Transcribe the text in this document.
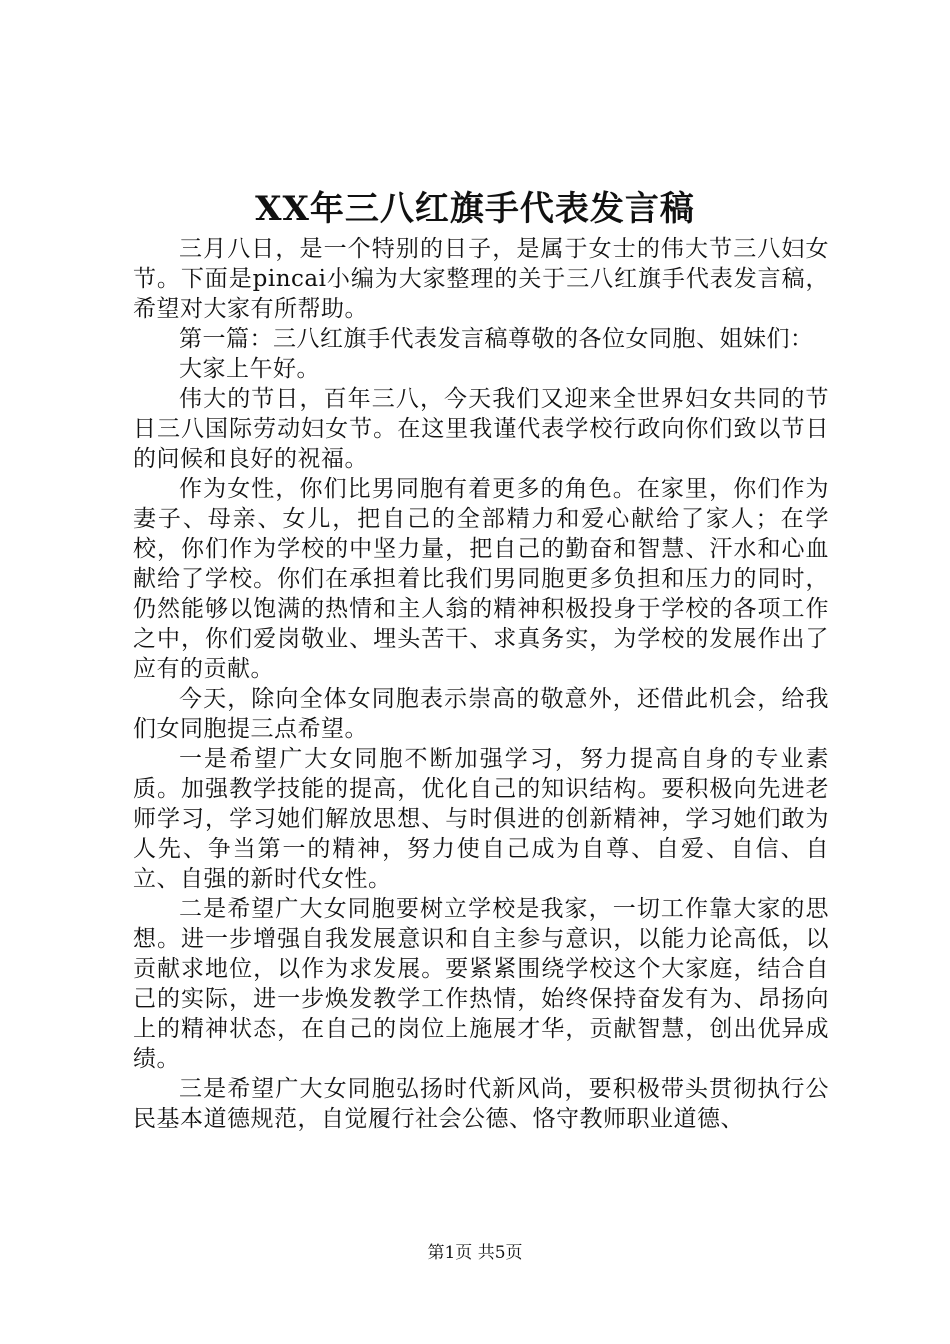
XX年三八红旗手代表发言稿

三月八日，是一个特别的日子，是属于女士的伟大节三八妇女节。下面是pincai小编为大家整理的关于三八红旗手代表发言稿，希望对大家有所帮助。

第一篇：三八红旗手代表发言稿尊敬的各位女同胞、姐妹们：

大家上午好。

伟大的节日，百年三八，今天我们又迎来全世界妇女共同的节日三八国际劳动妇女节。在这里我谨代表学校行政向你们致以节日的问候和良好的祝福。

作为女性，你们比男同胞有着更多的角色。在家里，你们作为妻子、母亲、女儿，把自己的全部精力和爱心献给了家人；在学校，你们作为学校的中坚力量，把自己的勤奋和智慧、汗水和心血献给了学校。你们在承担着比我们男同胞更多负担和压力的同时，仍然能够以饱满的热情和主人翁的精神积极投身于学校的各项工作之中，你们爱岗敬业、埋头苦干、求真务实，为学校的发展作出了应有的贡献。

今天，除向全体女同胞表示崇高的敬意外，还借此机会，给我们女同胞提三点希望。

一是希望广大女同胞不断加强学习，努力提高自身的专业素质。加强教学技能的提高，优化自己的知识结构。要积极向先进老师学习，学习她们解放思想、与时俱进的创新精神，学习她们敢为人先、争当第一的精神，努力使自己成为自尊、自爱、自信、自立、自强的新时代女性。

二是希望广大女同胞要树立学校是我家，一切工作靠大家的思想。进一步增强自我发展意识和自主参与意识，以能力论高低，以贡献求地位，以作为求发展。要紧紧围绕学校这个大家庭，结合自己的实际，进一步焕发教学工作热情，始终保持奋发有为、昂扬向上的精神状态，在自己的岗位上施展才华，贡献智慧，创出优异成绩。

三是希望广大女同胞弘扬时代新风尚，要积极带头贯彻执行公民基本道德规范，自觉履行社会公德、恪守教师职业道德、

第1页 共5页
